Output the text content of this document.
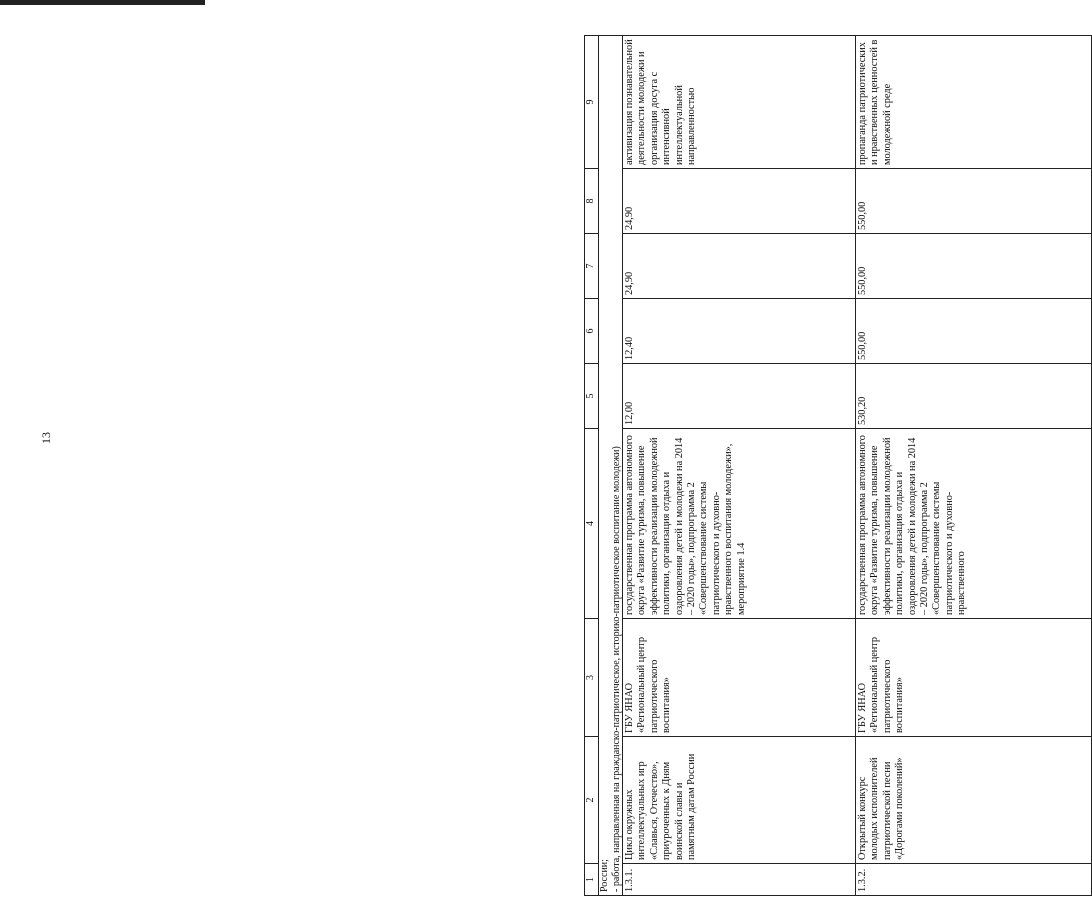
13
1	2	3	4	5	6	7	8	9

России; - работа, направленная на гражданско-патриотическое, историко-патриотическое воспитание молодежи)								

1.3.1.	Цикл окружных интеллектуальных игр «Славься, Отечество», приуроченных к Дням воинской славы и памятным датам России	ГБУ ЯНАО «Региональный центр патриотического воспитания»	государственная программа автономного округа «Развитие туризма, повышение эффективности реализации молодежной политики, организация отдыха и оздоровления детей и молодежи на 2014 – 2020 годы», подпрограмма 2 «Совершенствование системы патриотического и духовно-нравственного воспитания молодежи», мероприятие 1.4	12,00	12,40	24,90	24,90	активизация познавательной деятельности молодежи и организация досуга с интенсивной интеллектуальной направленностью
1.3.2.	Открытый конкурс молодых исполнителей патриотической песни «Дорогами поколений»	ГБУ ЯНАО «Региональный центр патриотического воспитания»	государственная программа автономного округа «Развитие туризма, повышение эффективности реализации молодежной политики, организация отдыха и оздоровления детей и молодежи на 2014 – 2020 годы», подпрограмма 2 «Совершенствование системы патриотического и духовно-нравственного	530,20	550,00	550,00	550,00	пропаганда патриотических и нравственных ценностей в молодежной среде
